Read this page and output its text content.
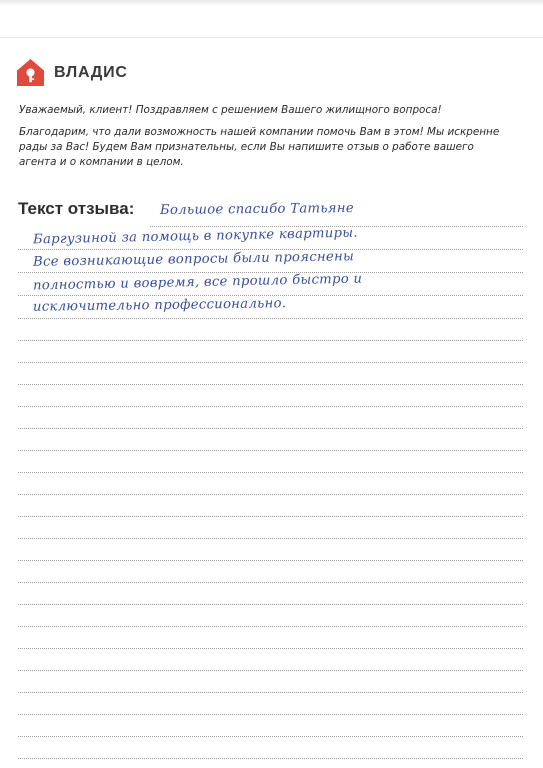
ВЛАДИС

Уважаемый, клиент! Поздравляем с решением Вашего жилищного вопроса!

Благодарим, что дали возможность нашей компании помочь Вам в этом! Мы искренне рады за Вас! Будем Вам признательны, если Вы напишите отзыв о работе вашего агента и о компании в целом.

Текст отзыва: Большое спасибо Татьяне
Баргузиной за помощь в покупке квартиры.
Все возникающие вопросы были прояснены
полностью и вовремя, все прошло быстро и
исключительно профессионально.
